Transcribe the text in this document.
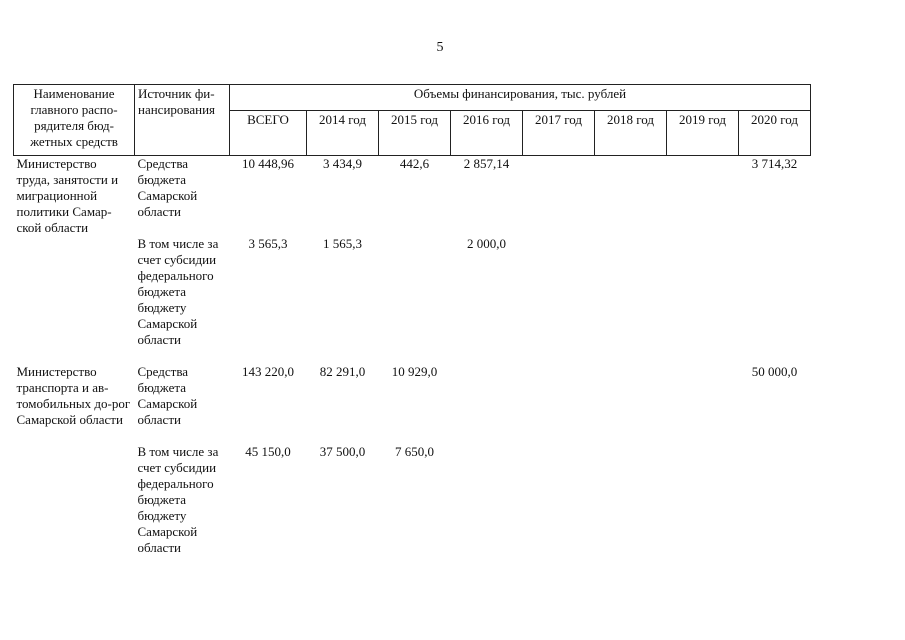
5
Наименование главного распо-рядителя бюд-жетных средств	Источник фи-нансирования	Объемы финансирования, тыс. рублей							
		ВСЕГО	2014 год	2015 год	2016 год	2017 год	2018 год	2019 год	2020 год
Министерство труда, занятости и миграционной политики Самар-ской области	Средства бюджета Самарской области	10 448,96	3 434,9	442,6	2 857,14				3 714,32
	В том числе за счет субсидии федерального бюджета бюджету Самарской области	3 565,3	1 565,3		2 000,0				
Министерство транспорта и ав-томобильных до-рог Самарской области	Средства бюджета Самарской области	143 220,0	82 291,0	10 929,0					50 000,0
	В том числе за счет субсидии федерального бюджета бюджету Самарской области	45 150,0	37 500,0	7 650,0					
